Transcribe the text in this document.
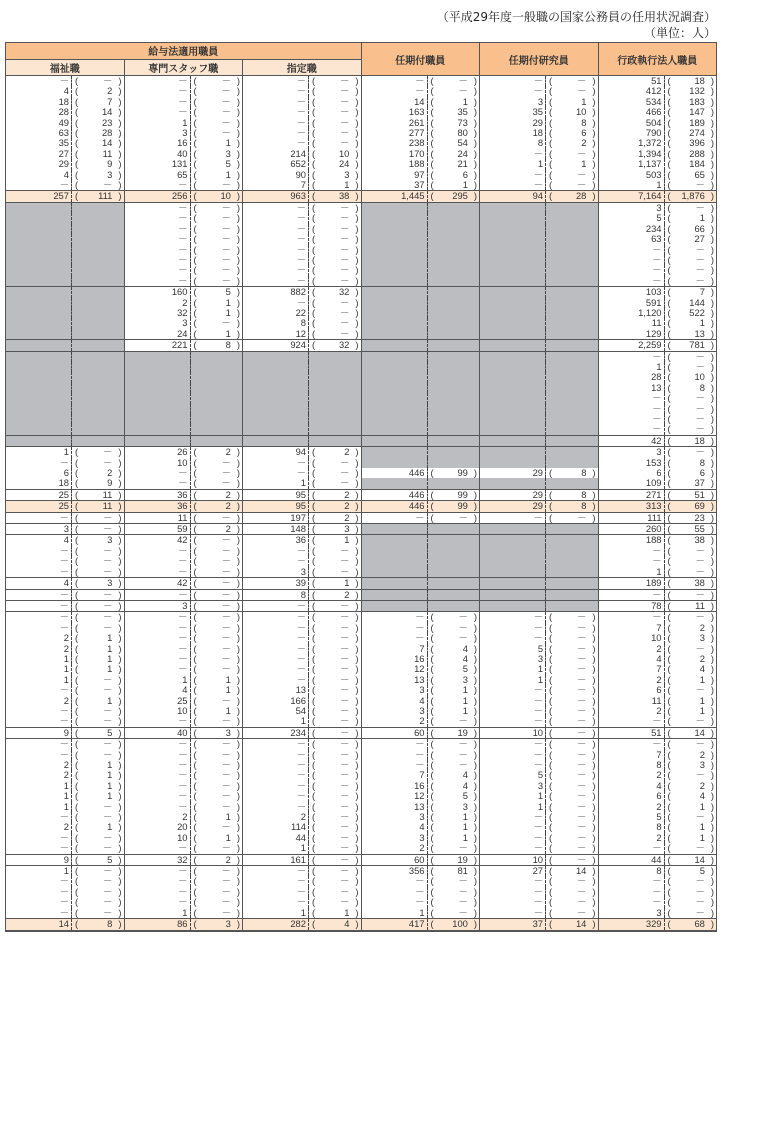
（平成29年度一般職の国家公務員の任用状況調査）
（単位：人）
給与法適用職員						任期付職員		任期付研究員		行政執行法人職員	
福祉職		専門スタッフ職		指定職							
－	( － )	－	( － )	－	( － )	－	( － )	－	( － )	51	( 18 )
4	( 2 )	－	( － )	－	( － )	－	( － )	－	( － )	412	( 132 )
18	( 7 )	－	( － )	－	( － )	14	( 1 )	3	( 1 )	534	( 183 )
28	( 14 )	－	( － )	－	( － )	163	( 35 )	35	( 10 )	466	( 147 )
49	( 23 )	1	( － )	－	( － )	261	( 73 )	29	( 8 )	504	( 189 )
63	( 28 )	3	( － )	－	( － )	277	( 80 )	18	( 6 )	790	( 274 )
35	( 14 )	16	( 1 )	－	( － )	238	( 54 )	8	( 2 )	1,372	( 396 )
27	( 11 )	40	( 3 )	214	( 10 )	170	( 24 )	－	( － )	1,394	( 288 )
29	( 9 )	131	( 5 )	652	( 24 )	188	( 21 )	1	( 1 )	1,137	( 184 )
4	( 3 )	65	( 1 )	90	( 3 )	97	( 6 )	－	( － )	503	( 65 )
－	( － )	－	( － )	7	( 1 )	37	( 1 )	－	( － )	1	( － )
257	( 111 )	256	( 10 )	963	( 38 )	1,445	( 295 )	94	( 28 )	7,164	( 1,876 )
		－	( － )	－	( － )					3	( － )
		－	( － )	－	( － )					5	( 1 )
		－	( － )	－	( － )					234	( 66 )
		－	( － )	－	( － )					63	( 27 )
		－	( － )	－	( － )					－	( － )
		－	( － )	－	( － )					－	( － )
		－	( － )	－	( － )					－	( － )
		－	( － )	－	( － )					－	( － )
		160	( 5 )	882	( 32 )					103	( 7 )
		2	( 1 )	－	( － )					591	( 144 )
		32	( 1 )	22	( － )					1,120	( 522 )
		3	( － )	8	( － )					11	( 1 )
		24	( 1 )	12	( － )					129	( 13 )
		221	( 8 )	924	( 32 )					2,259	( 781 )
										－	( － )
										1	( － )
										28	( 10 )
										13	( 8 )
										－	( － )
										－	( － )
										－	( － )
										－	( － )
										42	( 18 )
1	( － )	26	( 2 )	94	( 2 )					3	( － )
－	( － )	10	( － )	－	( － )					153	( 8 )
6	( 2 )	－	( － )	－	( － )	446	( 99 )	29	( 8 )	6	( 6 )
18	( 9 )	－	( － )	1	( － )					109	( 37 )
25	( 11 )	36	( 2 )	95	( 2 )	446	( 99 )	29	( 8 )	271	( 51 )
25	( 11 )	36	( 2 )	95	( 2 )	446	( 99 )	29	( 8 )	313	( 69 )
－	( － )	11	( － )	197	( 2 )	－	( － )	－	( － )	111	( 23 )
3	( － )	59	( 2 )	148	( 3 )					260	( 55 )
4	( 3 )	42	( － )	36	( 1 )					188	( 38 )
－	( － )	－	( － )	－	( － )					－	( － )
－	( － )	－	( － )	－	( － )					－	( － )
－	( － )	－	( － )	3	( － )					1	( － )
4	( 3 )	42	( － )	39	( 1 )					189	( 38 )
－	( － )	－	( － )	8	( 2 )					－	( － )
－	( － )	3	( － )	－	( － )					78	( 11 )
－	( － )	－	( － )	－	( － )	－	( － )	－	( － )	－	( － )
－	( － )	－	( － )	－	( － )	－	( － )	－	( － )	7	( 2 )
2	( 1 )	－	( － )	－	( － )	－	( － )	－	( － )	10	( 3 )
2	( 1 )	－	( － )	－	( － )	7	( 4 )	5	( － )	2	( － )
1	( 1 )	－	( － )	－	( － )	16	( 4 )	3	( － )	4	( 2 )
1	( 1 )	－	( － )	－	( － )	12	( 5 )	1	( － )	7	( 4 )
1	( － )	1	( 1 )	－	( － )	13	( 3 )	1	( － )	2	( 1 )
－	( － )	4	( 1 )	13	( － )	3	( 1 )	－	( － )	6	( － )
2	( 1 )	25	( － )	166	( － )	4	( 1 )	－	( － )	11	( 1 )
－	( － )	10	( 1 )	54	( － )	3	( 1 )	－	( － )	2	( 1 )
－	( － )	－	( － )	1	( － )	2	( － )	－	( － )	－	( － )
9	( 5 )	40	( 3 )	234	( － )	60	( 19 )	10	( － )	51	( 14 )
－	( － )	－	( － )	－	( － )	－	( － )	－	( － )	－	( － )
－	( － )	－	( － )	－	( － )	－	( － )	－	( － )	7	( 2 )
2	( 1 )	－	( － )	－	( － )	－	( － )	－	( － )	8	( 3 )
2	( 1 )	－	( － )	－	( － )	7	( 4 )	5	( － )	2	( － )
1	( 1 )	－	( － )	－	( － )	16	( 4 )	3	( － )	4	( 2 )
1	( 1 )	－	( － )	－	( － )	12	( 5 )	1	( － )	6	( 4 )
1	( － )	－	( － )	－	( － )	13	( 3 )	1	( － )	2	( 1 )
－	( － )	2	( 1 )	2	( － )	3	( 1 )	－	( － )	5	( － )
2	( 1 )	20	( － )	114	( － )	4	( 1 )	－	( － )	8	( 1 )
－	( － )	10	( 1 )	44	( － )	3	( 1 )	－	( － )	2	( 1 )
－	( － )	－	( － )	1	( － )	2	( － )	－	( － )	－	( － )
9	( 5 )	32	( 2 )	161	( － )	60	( 19 )	10	( － )	44	( 14 )
1	( － )	－	( － )	－	( － )	356	( 81 )	27	( 14 )	8	( 5 )
－	( － )	－	( － )	－	( － )	－	( － )	－	( － )	－	( － )
－	( － )	－	( － )	－	( － )	－	( － )	－	( － )	－	( － )
－	( － )	－	( － )	－	( － )	－	( － )	－	( － )	－	( － )
－	( － )	1	( － )	1	( 1 )	1	( － )	－	( － )	3	( － )
14	( 8 )	86	( 3 )	282	( 4 )	417	( 100 )	37	( 14 )	329	( 68 )
